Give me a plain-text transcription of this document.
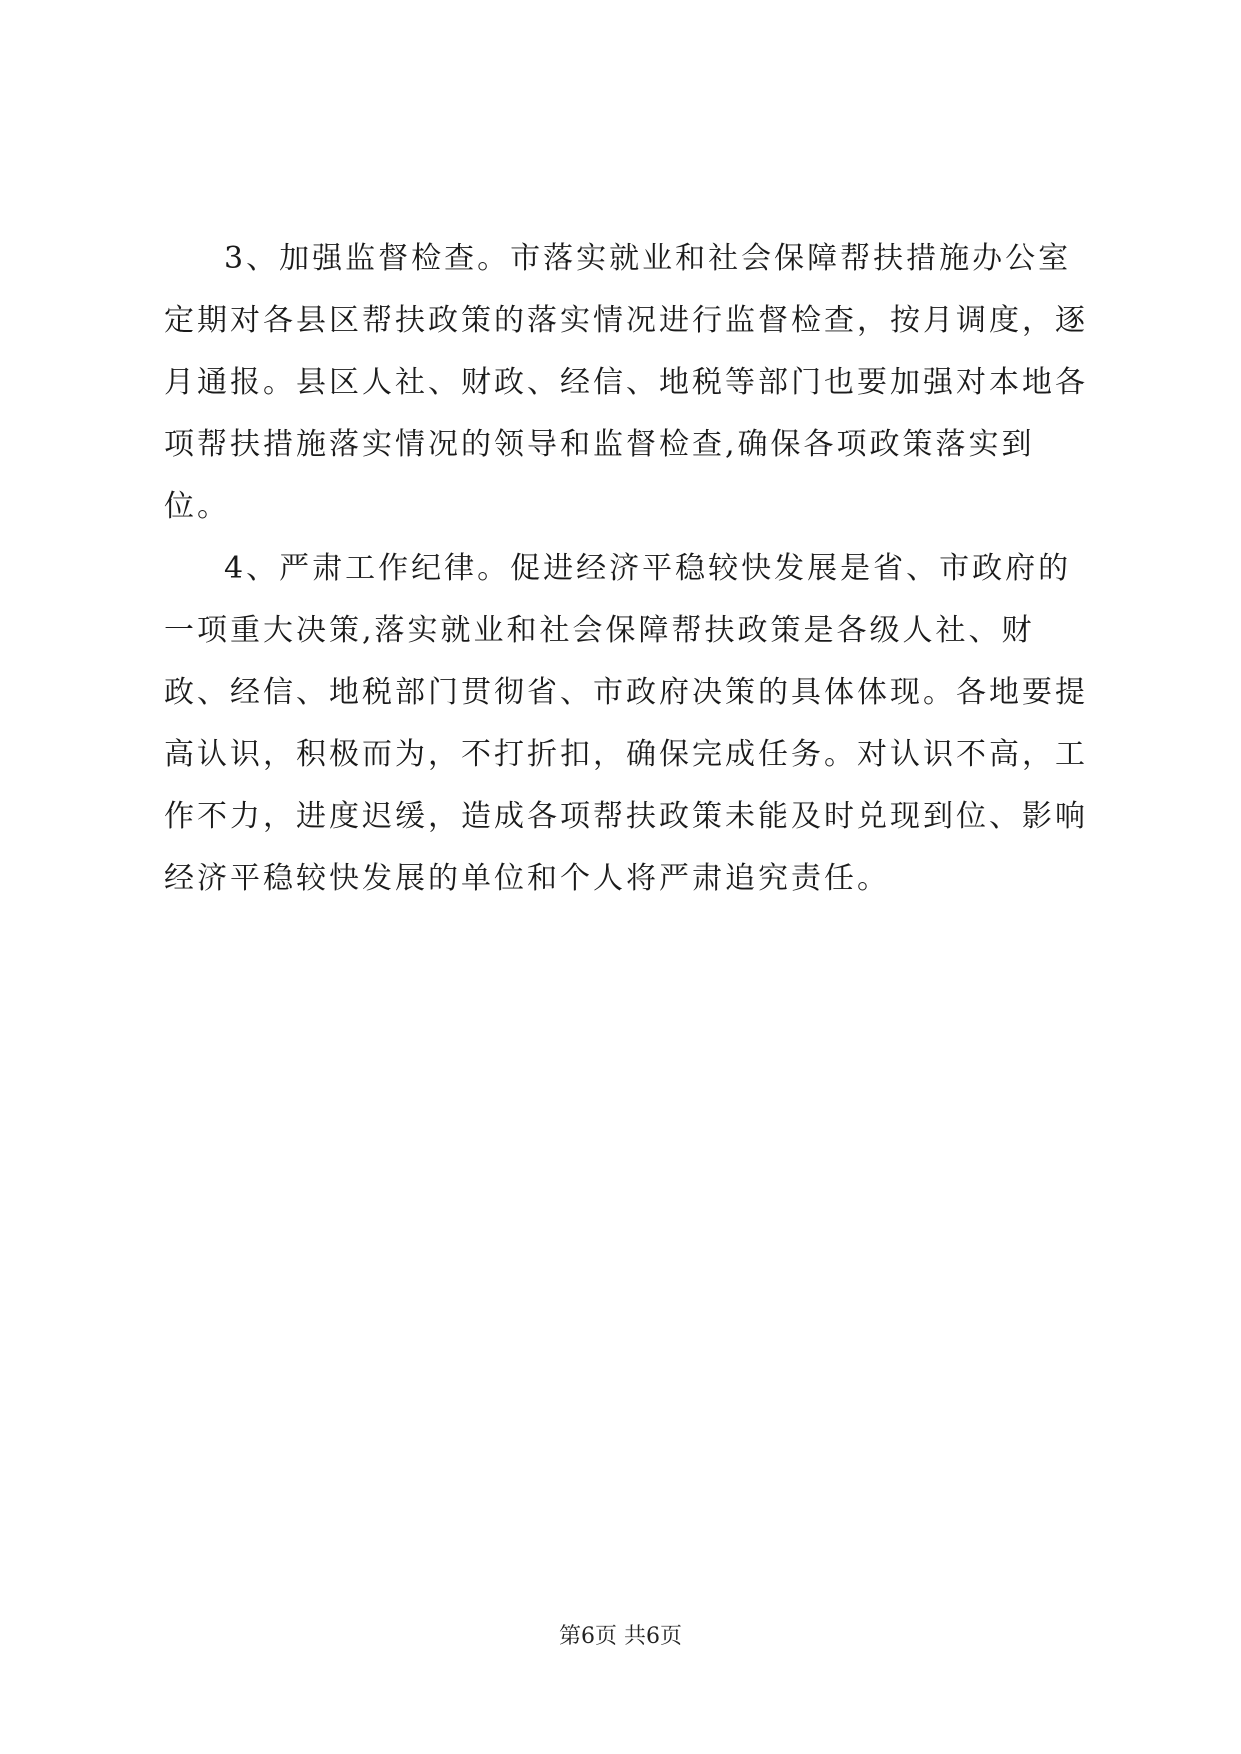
3、加强监督检查。市落实就业和社会保障帮扶措施办公室定期对各县区帮扶政策的落实情况进行监督检查，按月调度，逐月通报。县区人社、财政、经信、地税等部门也要加强对本地各项帮扶措施落实情况的领导和监督检查,确保各项政策落实到位。

4、严肃工作纪律。促进经济平稳较快发展是省、市政府的一项重大决策,落实就业和社会保障帮扶政策是各级人社、财政、经信、地税部门贯彻省、市政府决策的具体体现。各地要提高认识，积极而为，不打折扣，确保完成任务。对认识不高，工作不力，进度迟缓，造成各项帮扶政策未能及时兑现到位、影响经济平稳较快发展的单位和个人将严肃追究责任。

第6页 共6页
